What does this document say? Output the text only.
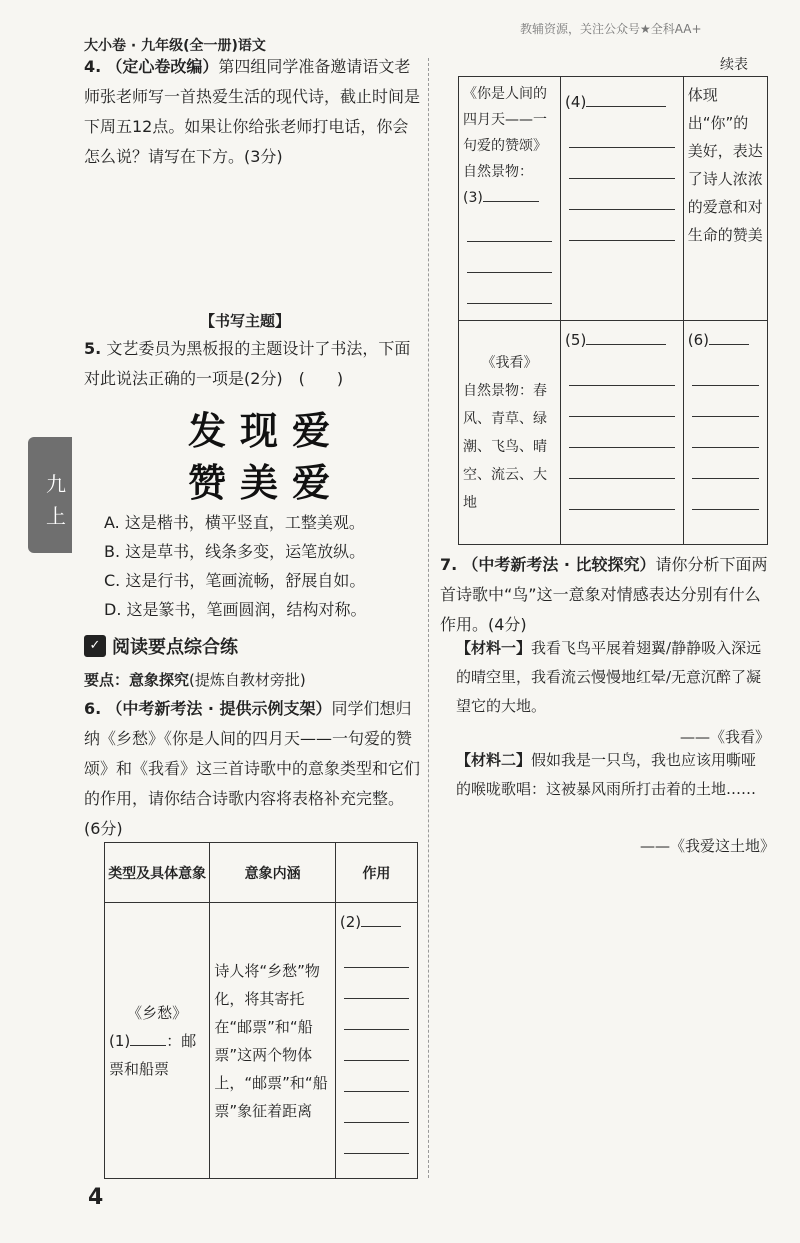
大小卷 · 九年级(全一册)语文
教辅资源，关注公众号★全科AA+
九上
4. （定心卷改编）第四组同学准备邀请语文老师张老师写一首热爱生活的现代诗，截止时间是下周五12点。如果让你给张老师打电话，你会怎么说？请写在下方。(3分)
【书写主题】
5. 文艺委员为黑板报的主题设计了书法，下面对此说法正确的一项是(2分)　(　　)
发现爱
赞美爱
A. 这是楷书，横平竖直，工整美观。
B. 这是草书，线条多变，运笔放纵。
C. 这是行书，笔画流畅，舒展自如。
D. 这是篆书，笔画圆润，结构对称。
✓ 阅读要点综合练
要点：意象探究(提炼自教材旁批)
6. （中考新考法 · 提供示例支架）同学们想归纳《乡愁》《你是人间的四月天——一句爱的赞颂》和《我看》这三首诗歌中的意象类型和它们的作用，请你结合诗歌内容将表格补充完整。(6分)
类型及具体意象	意象内涵	作用

《乡愁》
(1) ：邮票和船票	诗人将“乡愁”物化，将其寄托在“邮票”和“船票”这两个物体上，“邮票”和“船票”象征着距离	(2)
续表
《你是人间的四月天——一句爱的赞颂》
自然景物：
(3)	(4)	体现出“你”的美好，表达了诗人浓浓的爱意和对生命的赞美

《我看》
自然景物：春风、青草、绿潮、飞鸟、晴空、流云、大地	(5)	(6)
7. （中考新考法 · 比较探究）请你分析下面两首诗歌中“鸟”这一意象对情感表达分别有什么作用。(4分)
【材料一】我看飞鸟平展着翅翼/静静吸入深远的晴空里，我看流云慢慢地红晕/无意沉醉了凝望它的大地。
——《我看》
【材料二】假如我是一只鸟，我也应该用嘶哑的喉咙歌唱：这被暴风雨所打击着的土地……
——《我爱这土地》
4
